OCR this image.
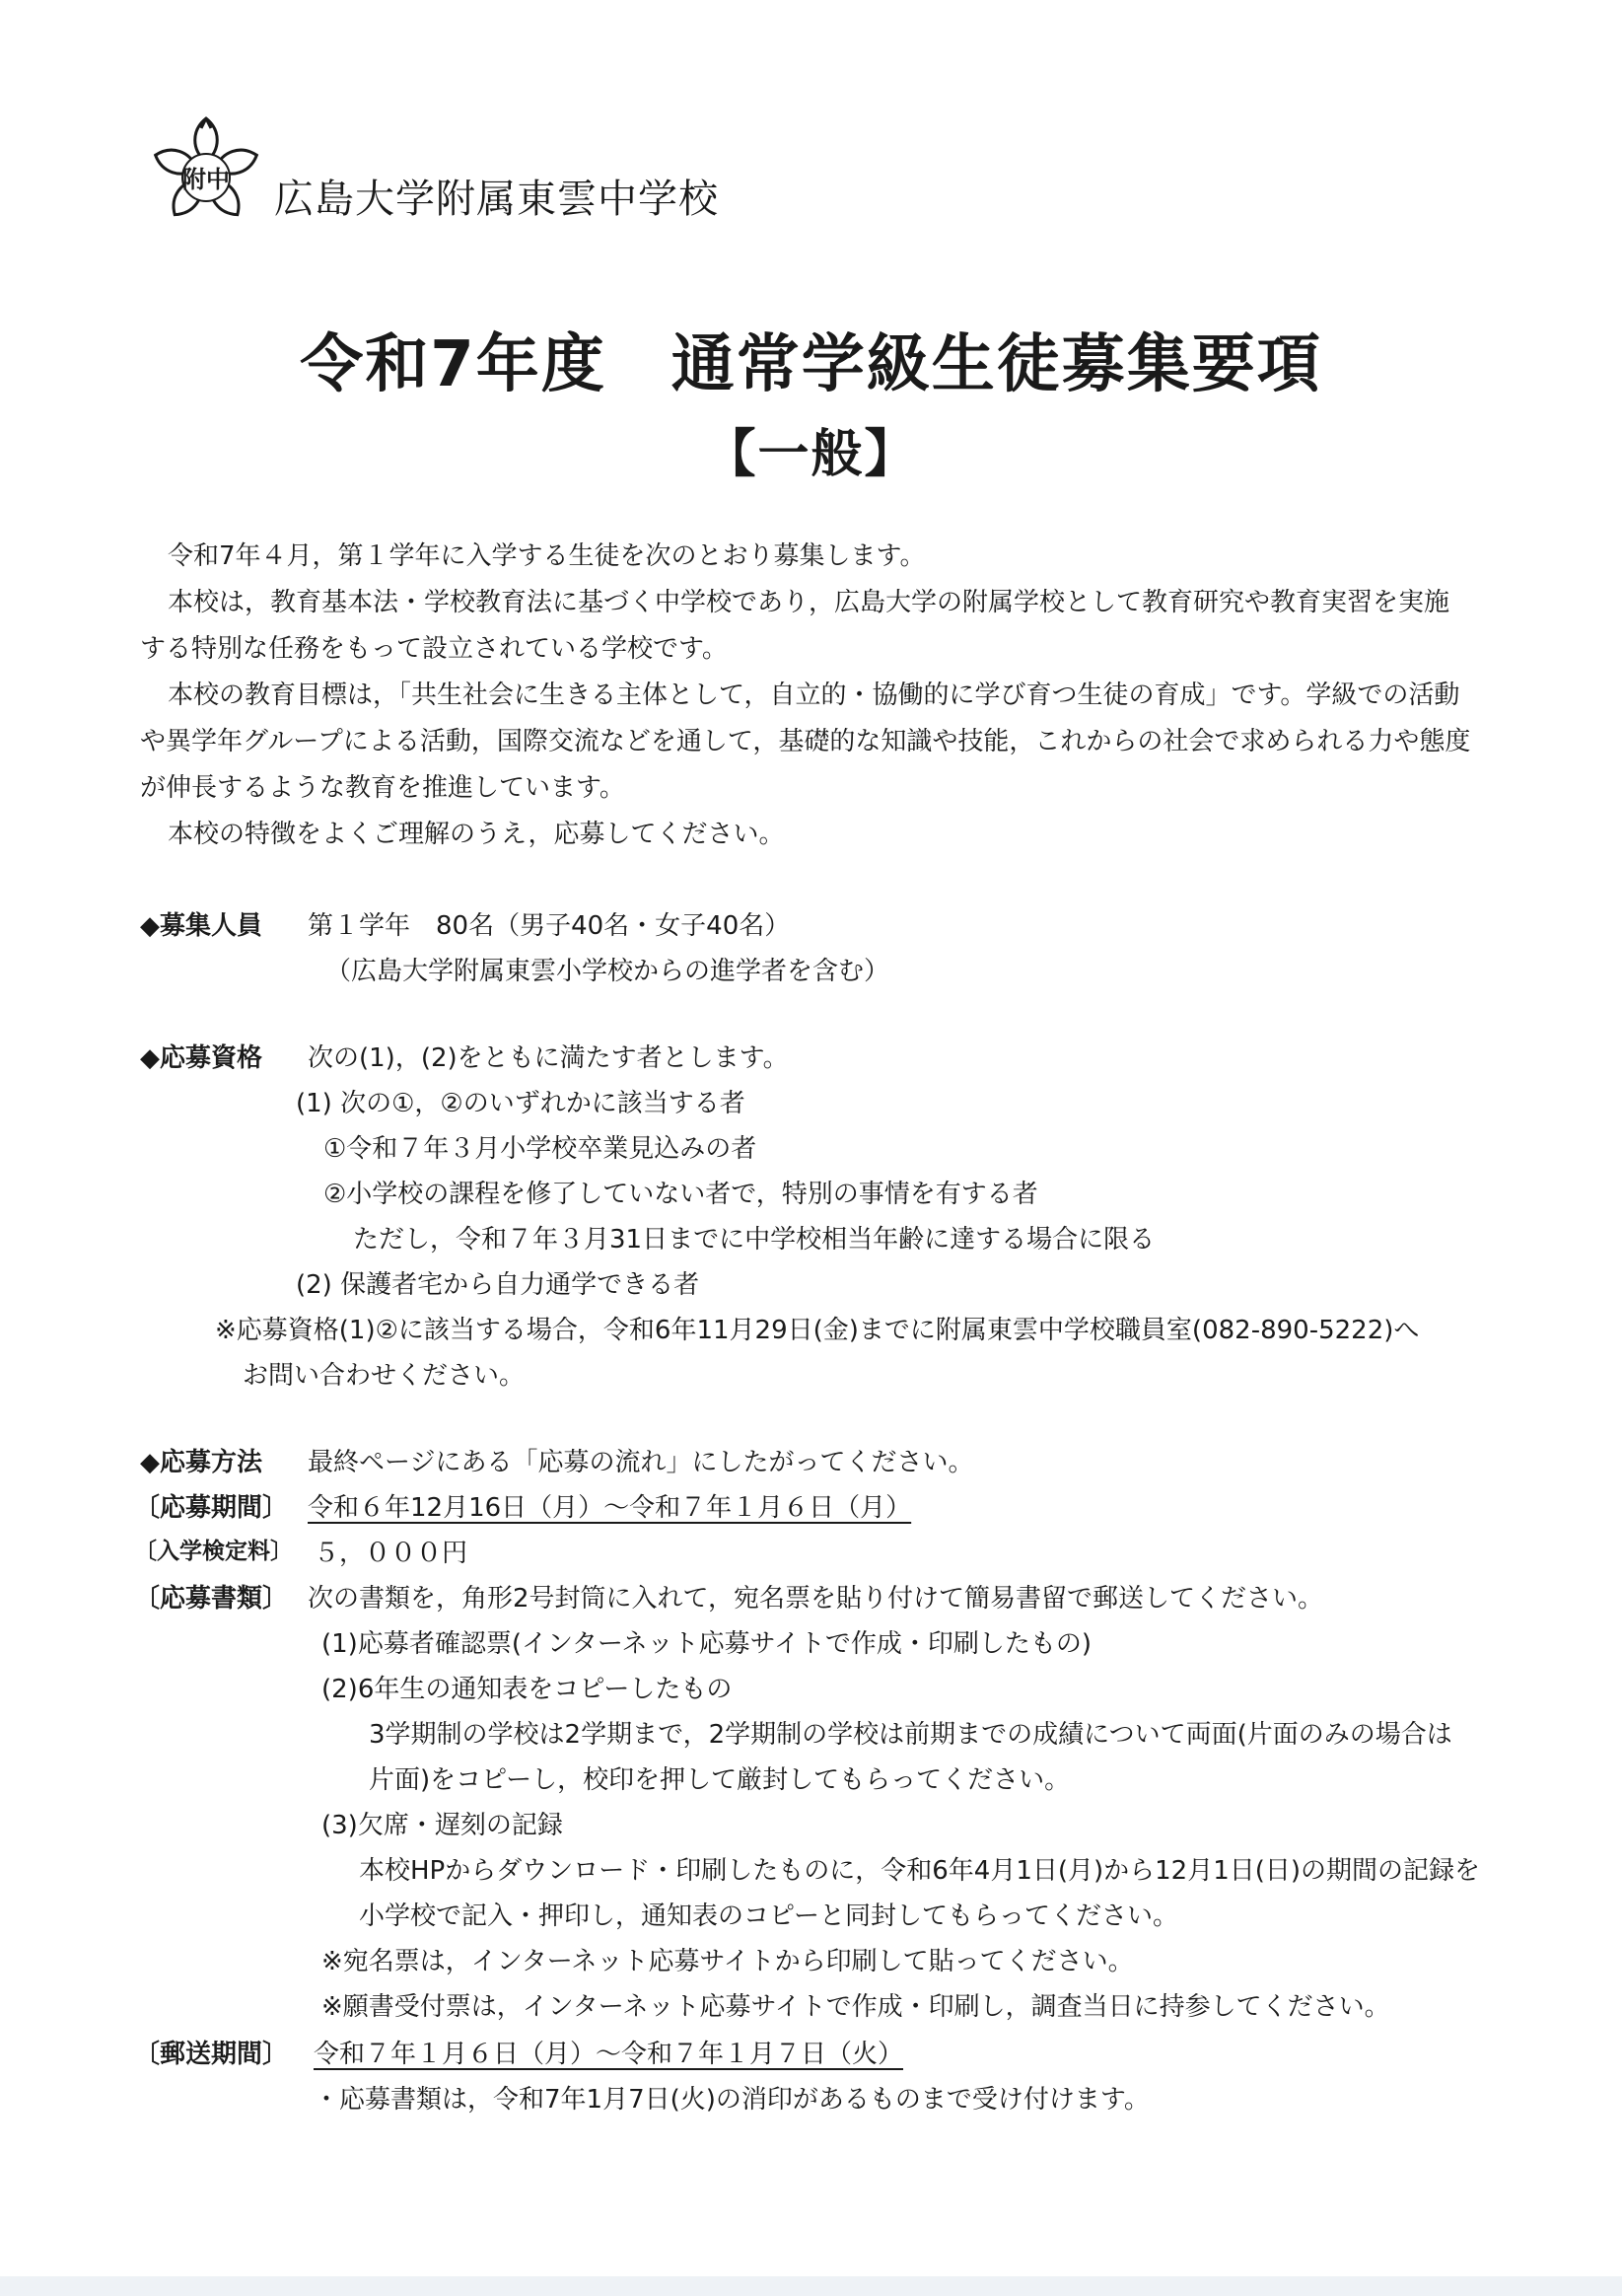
附中 広島大学附属東雲中学校
令和7年度　通常学級生徒募集要項
【一般】
令和7年４月，第１学年に入学する生徒を次のとおり募集します。
本校は，教育基本法・学校教育法に基づく中学校であり，広島大学の附属学校として教育研究や教育実習を実施
する特別な任務をもって設立されている学校です。
本校の教育目標は，「共生社会に生きる主体として，自立的・協働的に学び育つ生徒の育成」です。学級での活動
や異学年グループによる活動，国際交流などを通して，基礎的な知識や技能，これからの社会で求められる力や態度
が伸長するような教育を推進しています。
本校の特徴をよくご理解のうえ，応募してください。
◆募集人員 第１学年　80名（男子40名・女子40名）
（広島大学附属東雲小学校からの進学者を含む）
◆応募資格 次の(1)，(2)をともに満たす者とします。
(1) 次の①，②のいずれかに該当する者
①令和７年３月小学校卒業見込みの者
②小学校の課程を修了していない者で，特別の事情を有する者
ただし，令和７年３月31日までに中学校相当年齢に達する場合に限る
(2) 保護者宅から自力通学できる者
※応募資格(1)②に該当する場合，令和6年11月29日(金)までに附属東雲中学校職員室(082-890-5222)へ
お問い合わせください。
◆応募方法 最終ページにある「応募の流れ」にしたがってください。
〔応募期間〕 令和６年12月16日（月）～令和７年１月６日（月）
〔入学検定料〕 ５，０００円
〔応募書類〕 次の書類を，角形2号封筒に入れて，宛名票を貼り付けて簡易書留で郵送してください。
(1)応募者確認票(インターネット応募サイトで作成・印刷したもの)
(2)6年生の通知表をコピーしたもの
3学期制の学校は2学期まで，2学期制の学校は前期までの成績について両面(片面のみの場合は
片面)をコピーし，校印を押して厳封してもらってください。
(3)欠席・遅刻の記録
本校HPからダウンロード・印刷したものに，令和6年4月1日(月)から12月1日(日)の期間の記録を
小学校で記入・押印し，通知表のコピーと同封してもらってください。
※宛名票は，インターネット応募サイトから印刷して貼ってください。
※願書受付票は，インターネット応募サイトで作成・印刷し，調査当日に持参してください。
〔郵送期間〕 令和７年１月６日（月）～令和７年１月７日（火）
・応募書類は，令和7年1月7日(火)の消印があるものまで受け付けます。
